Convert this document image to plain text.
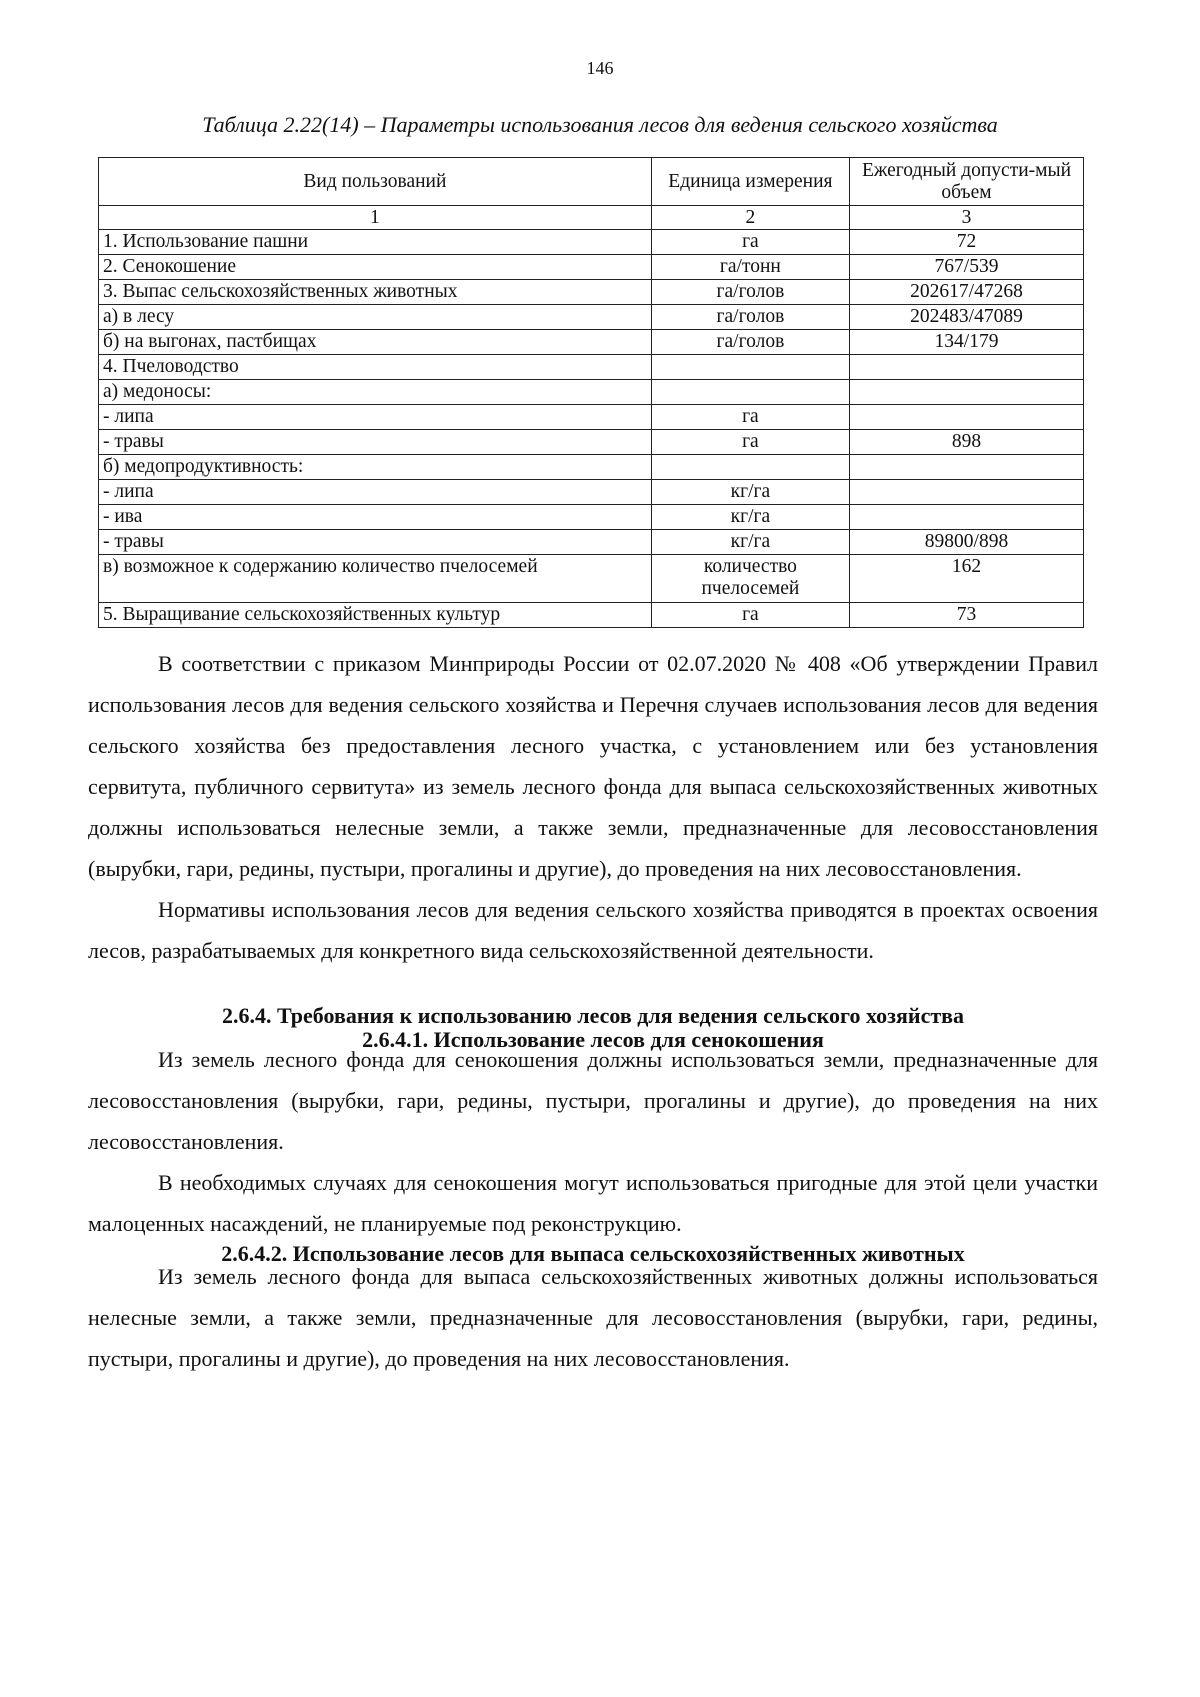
146
Таблица 2.22(14) – Параметры использования лесов для ведения сельского хозяйства
Вид пользований	Единица измерения	Ежегодный допусти-мый объем
1	2	3
1. Использование пашни	га	72
2. Сенокошение	га/тонн	767/539
3. Выпас сельскохозяйственных животных	га/голов	202617/47268
а) в лесу	га/голов	202483/47089
б) на выгонах, пастбищах	га/голов	134/179
4. Пчеловодство		
а) медоносы:		
- липа	га	
- травы	га	898
б) медопродуктивность:		
- липа	кг/га	
- ива	кг/га	
- травы	кг/га	89800/898
в) возможное к содержанию количество пчелосемей	количество пчелосемей	162
5. Выращивание сельскохозяйственных культур	га	73

В соответствии с приказом Минприроды России от 02.07.2020 № 408 «Об утверждении Правил использования лесов для ведения сельского хозяйства и Перечня случаев использования лесов для ведения сельского хозяйства без предоставления лесного участка, с установлением или без установления сервитута, публичного сервитута» из земель лесного фонда для выпаса сельскохозяйственных животных должны использоваться нелесные земли, а также земли, предназначенные для лесовосстановления (вырубки, гари, редины, пустыри, прогалины и другие), до проведения на них лесовосстановления.

Нормативы использования лесов для ведения сельского хозяйства приводятся в проектах освоения лесов, разрабатываемых для конкретного вида сельскохозяйственной деятельности.

2.6.4. Требования к использованию лесов для ведения сельского хозяйства
2.6.4.1. Использование лесов для сенокошения

Из земель лесного фонда для сенокошения должны использоваться земли, предназначенные для лесовосстановления (вырубки, гари, редины, пустыри, прогалины и другие), до проведения на них лесовосстановления.

В необходимых случаях для сенокошения могут использоваться пригодные для этой цели участки малоценных насаждений, не планируемые под реконструкцию.

2.6.4.2. Использование лесов для выпаса сельскохозяйственных животных

Из земель лесного фонда для выпаса сельскохозяйственных животных должны использоваться нелесные земли, а также земли, предназначенные для лесовосстановления (вырубки, гари, редины, пустыри, прогалины и другие), до проведения на них лесовосстановления.
